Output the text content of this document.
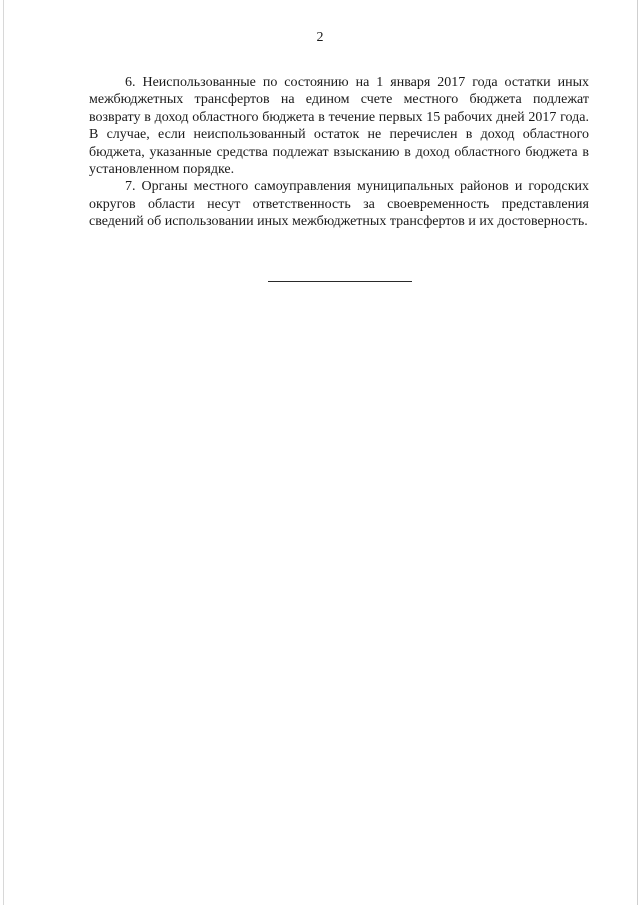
2

6. Неиспользованные по состоянию на 1 января 2017 года остатки иных межбюджетных трансфертов на едином счете местного бюджета подлежат возврату в доход областного бюджета в течение первых 15 рабочих дней 2017 года. В случае, если неиспользованный остаток не перечислен в доход областного бюджета, указанные средства подлежат взысканию в доход областного бюджета в установленном порядке.

7. Органы местного самоуправления муниципальных районов и городских округов области несут ответственность за своевременность представления сведений об использовании иных межбюджетных трансфертов и их достоверность.
